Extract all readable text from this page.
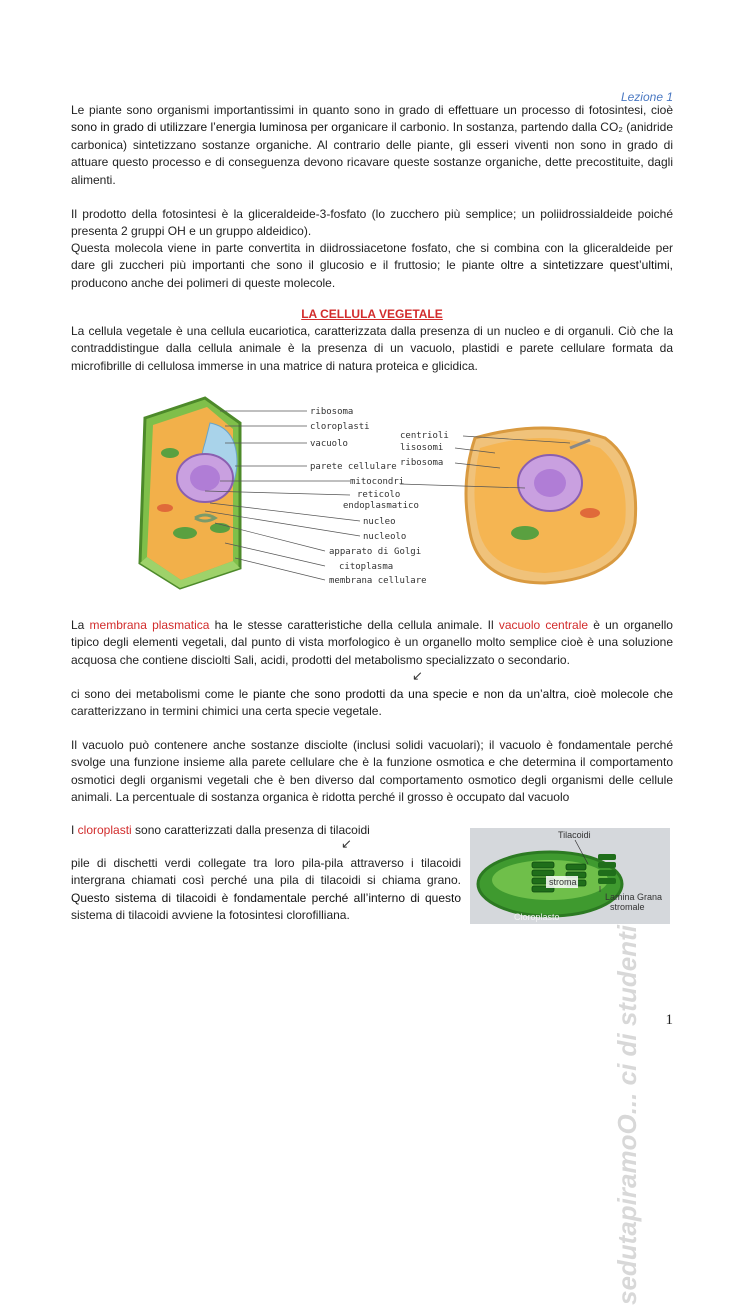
Lezione 1

Le piante sono organismi importantissimi in quanto sono in grado di effettuare un processo di fotosintesi, cioè sono in grado di utilizzare l’energia luminosa per organicare il carbonio. In sostanza, partendo dalla CO₂ (anidride carbonica) sintetizzano sostanze organiche. Al contrario delle piante, gli esseri viventi non sono in grado di attuare questo processo e di conseguenza devono ricavare queste sostanze organiche, dette precostituite, dagli alimenti.

Il prodotto della fotosintesi è la gliceraldeide-3-fosfato (lo zucchero più semplice; un poliidrossialdeide poiché presenta 2 gruppi OH e un gruppo aldeidico).

Questa molecola viene in parte convertita in diidrossiacetone fosfato, che si combina con la gliceraldeide per dare gli zuccheri più importanti che sono il glucosio e il fruttosio; le piante oltre a sintetizzare quest’ultimi, producono anche dei polimeri di queste molecole.

LA CELLULA VEGETALE

La cellula vegetale è una cellula eucariotica, caratterizzata dalla presenza di un nucleo e di organuli. Ciò che la contraddistingue dalla cellula animale è la presenza di un vacuolo, plastidi e parete cellulare formata da microfibrille di cellulosa immerse in una matrice di natura proteica e glicidica.

ribosoma
cloroplasti
vacuolo
parete cellulare
mitocondri
reticolo
endoplasmatico
nucleo
nucleolo
apparato di Golgi
citoplasma
membrana cellulare
centrioli
lisosomi
ribosoma

La membrana plasmatica ha le stesse caratteristiche della cellula animale. Il vacuolo centrale è un organello tipico degli elementi vegetali, dal punto di vista morfologico è un organello molto semplice cioè è una soluzione acquosa che contiene disciolti Sali, acidi, prodotti del metabolismo specializzato o secondario.

↙

ci sono dei metabolismi come le piante che sono prodotti da una specie e non da un’altra, cioè molecole che caratterizzano in termini chimici una certa specie vegetale.

Il vacuolo può contenere anche sostanze disciolte (inclusi solidi vacuolari); il vacuolo è fondamentale perché svolge una funzione insieme alla parete cellulare che è la funzione osmotica e che determina il comportamento osmotici degli organismi vegetali che è ben diverso dal comportamento osmotico degli organismi delle cellule animali. La percentuale di sostanza organica è ridotta perché il grosso è occupato dal vacuolo

I cloroplasti sono caratterizzati dalla presenza di tilacoidi

↙

pile di dischetti verdi collegate tra loro pila-pila attraverso i tilacoidi intergrana chiamati così perché una pila di tilacoidi si chiama grano. Questo sistema di tilacoidi è fondamentale perché all’interno di questo sistema di tilacoidi avviene la fotosintesi clorofilliana.

Tilacoidi
stroma
Lamina Grana
stromale
Cloroplasto
sedutapiramoO... ci di studenti	1
